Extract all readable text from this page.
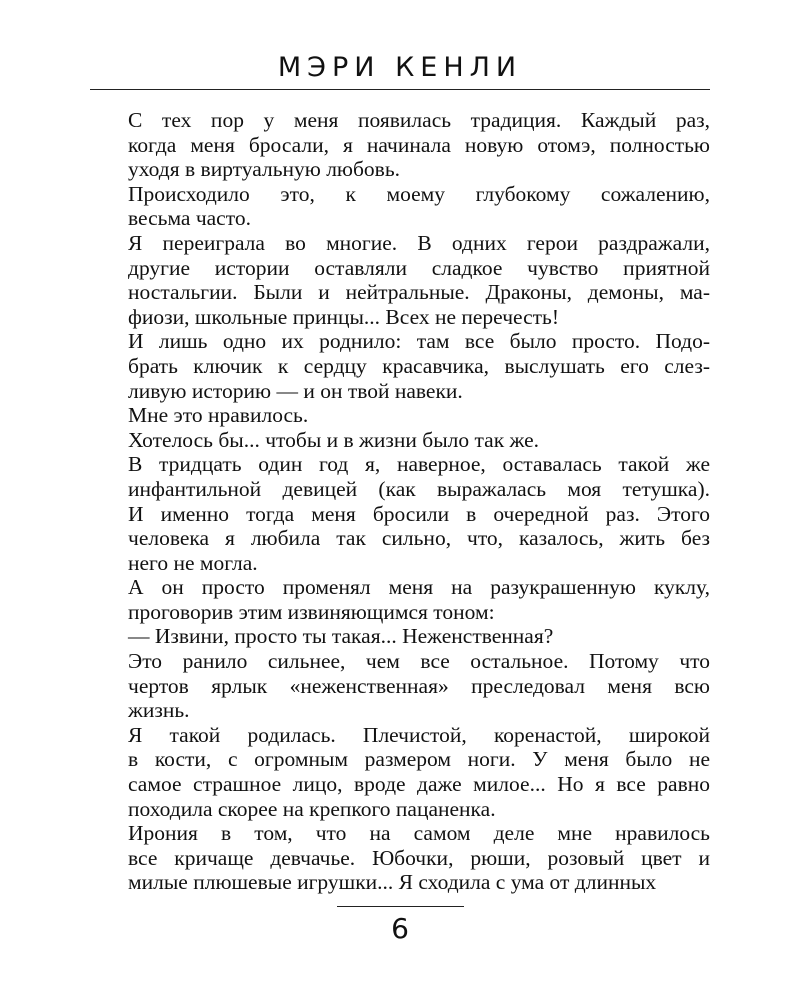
МЭРИ КЕНЛИ

С тех пор у меня появилась традиция. Каждый раз,
когда меня бросали, я начинала новую отомэ, полностью
уходя в виртуальную любовь.

Происходило это, к моему глубокому сожалению,
весьма часто.

Я переиграла во многие. В одних герои раздражали,
другие истории оставляли сладкое чувство приятной
ностальгии. Были и нейтральные. Драконы, демоны, ма-
фиози, школьные принцы... Всех не перечесть!

И лишь одно их роднило: там все было просто. Подо-
брать ключик к сердцу красавчика, выслушать его слез-
ливую историю — и он твой навеки.

Мне это нравилось.

Хотелось бы... чтобы и в жизни было так же.

В тридцать один год я, наверное, оставалась такой же
инфантильной девицей (как выражалась моя тетушка).
И именно тогда меня бросили в очередной раз. Этого
человека я любила так сильно, что, казалось, жить без
него не могла.

А он просто променял меня на разукрашенную куклу,
проговорив этим извиняющимся тоном:

— Извини, просто ты такая... Неженственная?

Это ранило сильнее, чем все остальное. Потому что
чертов ярлык «неженственная» преследовал меня всю
жизнь.

Я такой родилась. Плечистой, коренастой, широкой
в кости, с огромным размером ноги. У меня было не
самое страшное лицо, вроде даже милое... Но я все равно
походила скорее на крепкого пацаненка.

Ирония в том, что на самом деле мне нравилось
все кричаще девчачье. Юбочки, рюши, розовый цвет и
милые плюшевые игрушки... Я сходила с ума от длинных

6
